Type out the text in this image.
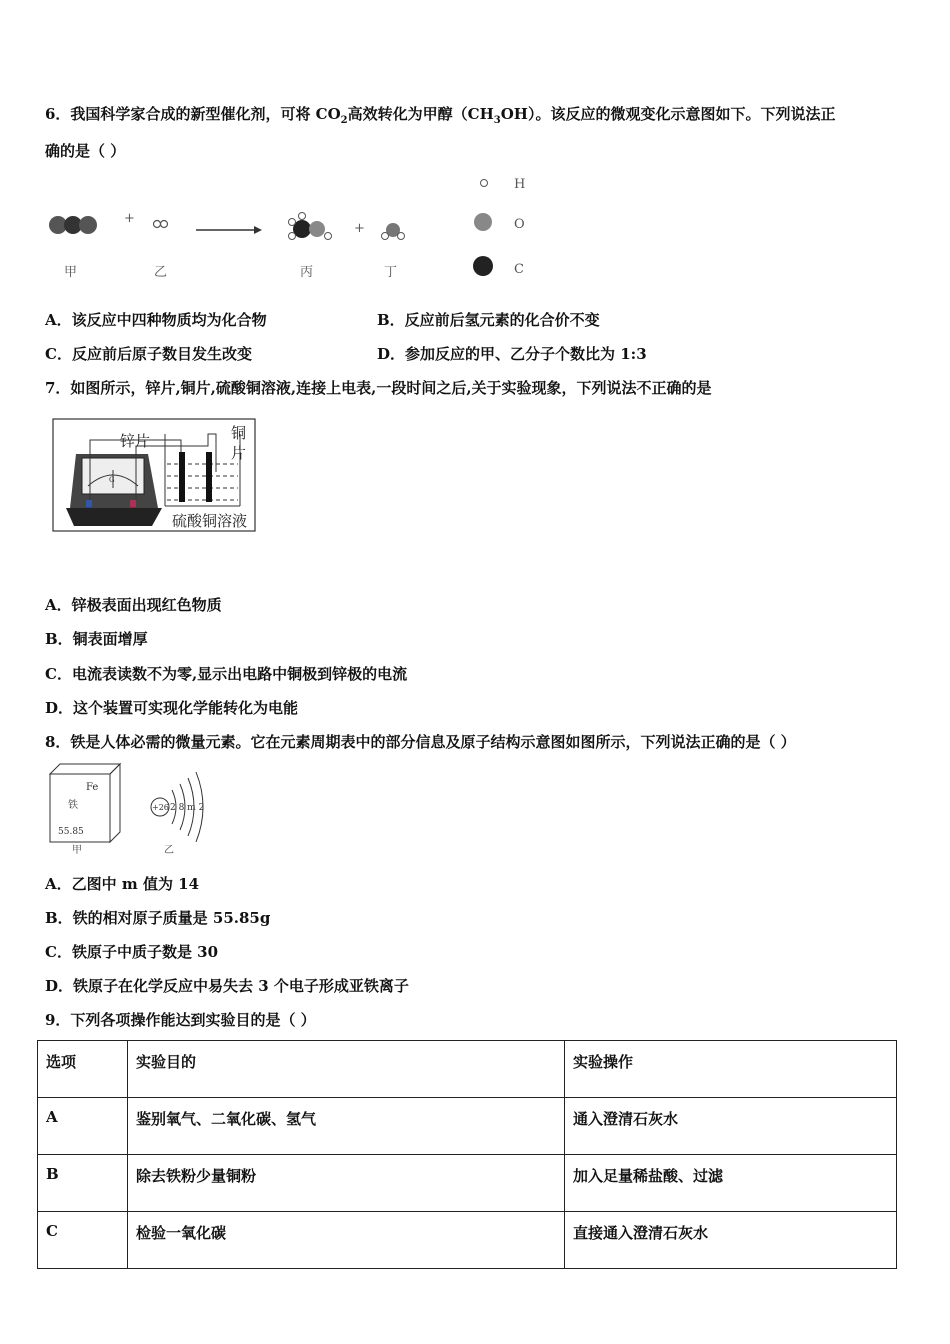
6．我国科学家合成的新型催化剂，可将 $CO_2$高效转化为甲醇$(CH_3OH)$。该反应的微观变化示意图如下。下列说法正
确的是（ ）
+
+
甲	乙	丙	丁
H
O
C
A．该反应中四种物质均为化合物	B．反应前后氢元素的化合价不变
C．反应前后原子数目发生改变	D．参加反应的甲、乙分子个数比为 1:3
7．如图所示，锌片,铜片,硫酸铜溶液,连接上电表,一段时间之后,关于实验现象，下列说法不正确的是
G
锌片	铜
片
硫酸铜溶液
A．锌极表面出现红色物质
B．铜表面增厚
C．电流表读数不为零,显示出电路中铜极到锌极的电流
D．这个装置可实现化学能转化为电能
8．铁是人体必需的微量元素。它在元素周期表中的部分信息及原子结构示意图如图所示，下列说法正确的是（ ）
Fe
铁
55.85
甲
+26 2 8 m 2
乙
A．乙图中 m 值为 14
B．铁的相对原子质量是 55.85g
C．铁原子中质子数是 30
D．铁原子在化学反应中易失去 3 个电子形成亚铁离子
9．下列各项操作能达到实验目的是（ ）
选项	实验目的	实验操作
A	鉴别氧气、二氧化碳、氢气	通入澄清石灰水
B	除去铁粉少量铜粉	加入足量稀盐酸、过滤
C	检验一氧化碳	直接通入澄清石灰水
